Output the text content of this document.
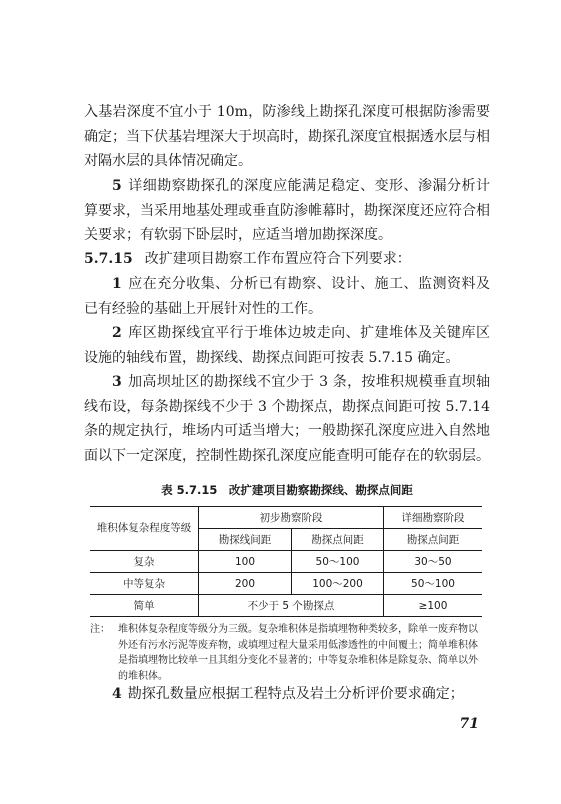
入基岩深度不宜小于 10m，防渗线上勘探孔深度可根据防渗需要确定；当下伏基岩埋深大于坝高时，勘探孔深度宜根据透水层与相对隔水层的具体情况确定。

5 详细勘察勘探孔的深度应能满足稳定、变形、渗漏分析计算要求，当采用地基处理或垂直防渗帷幕时，勘探深度还应符合相关要求；有软弱下卧层时，应适当增加勘探深度。

5.7.15 改扩建项目勘察工作布置应符合下列要求：

1 应在充分收集、分析已有勘察、设计、施工、监测资料及已有经验的基础上开展针对性的工作。

2 库区勘探线宜平行于堆体边坡走向、扩建堆体及关键库区设施的轴线布置，勘探线、勘探点间距可按表 5.7.15 确定。

3 加高坝址区的勘探线不宜少于 3 条，按堆积规模垂直坝轴线布设，每条勘探线不少于 3 个勘探点，勘探点间距可按 5.7.14 条的规定执行，堆场内可适当增大；一般勘探孔深度应进入自然地面以下一定深度，控制性勘探孔深度应能查明可能存在的软弱层。

表 5.7.15　改扩建项目勘察勘探线、勘探点间距

堆积体复杂程度等级	初步勘察阶段		详细勘察阶段
	勘探线间距	勘探点间距	勘探点间距
复杂	100	50～100	30～50
中等复杂	200	100～200	50～100
简单	不少于 5 个勘探点		≥100
注： 堆积体复杂程度等级分为三级。复杂堆积体是指填埋物种类较多，除单一废弃物以外还有污水污泥等废弃物，或填埋过程大量采用低渗透性的中间覆土；简单堆积体是指填埋物比较单一且其组分变化不显著的；中等复杂堆积体是除复杂、简单以外的堆积体。

4 勘探孔数量应根据工程特点及岩土分析评价要求确定；

71
